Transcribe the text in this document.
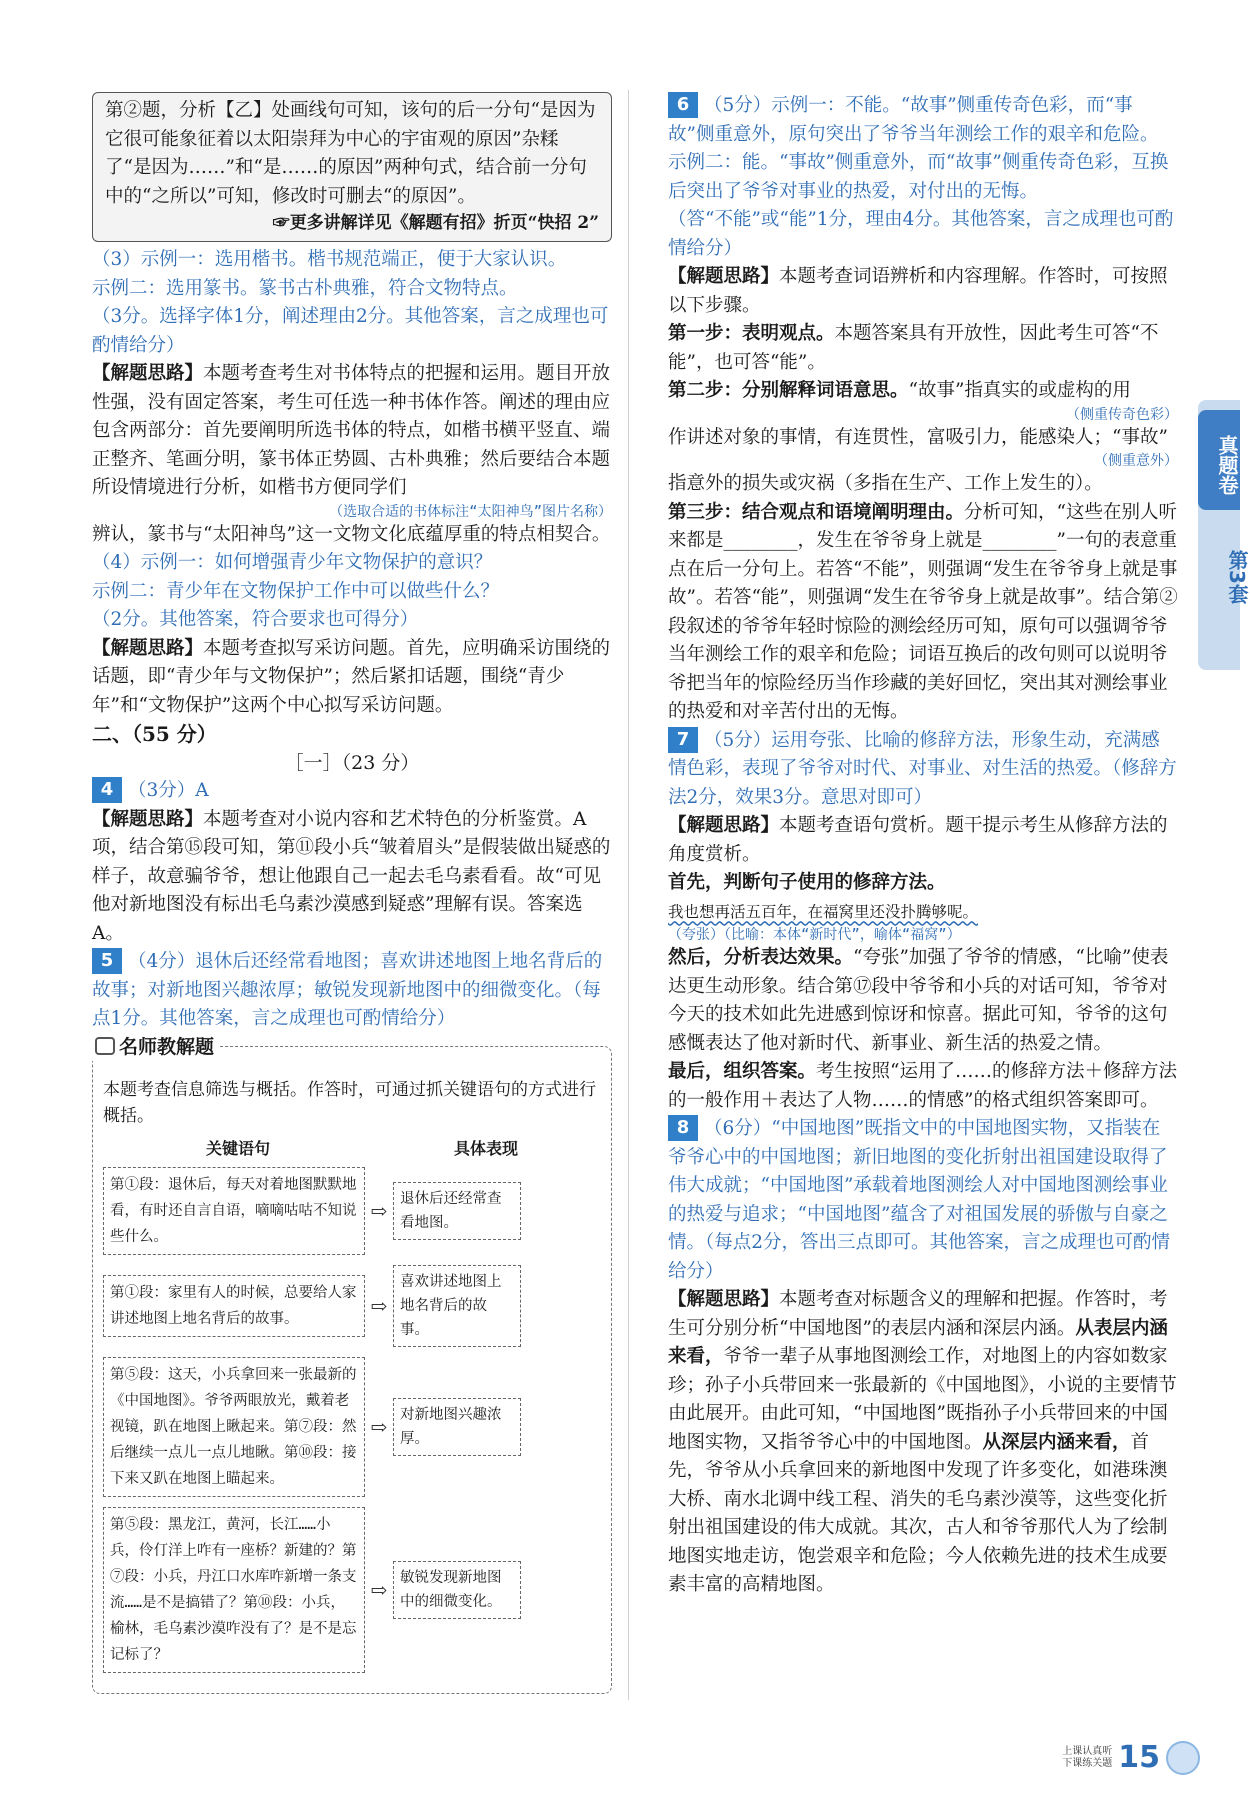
第②题，分析【乙】处画线句可知，该句的后一分句“是因为它很可能象征着以太阳崇拜为中心的宇宙观的原因”杂糅了“是因为……”和“是……的原因”两种句式，结合前一分句中的“之所以”可知，修改时可删去“的原因”。

☞更多讲解详见《解题有招》折页“快招 2”

（3）示例一：选用楷书。楷书规范端正，便于大家认识。

示例二：选用篆书。篆书古朴典雅，符合文物特点。

（3分。选择字体1分，阐述理由2分。其他答案，言之成理也可酌情给分）

【解题思路】本题考查考生对书体特点的把握和运用。题目开放性强，没有固定答案，考生可任选一种书体作答。阐述的理由应包含两部分：首先要阐明所选书体的特点，如楷书横平竖直、端正整齐、笔画分明，篆书体正势圆、古朴典雅；然后要结合本题所设情境进行分析，如楷书方便同学们

（选取合适的书体标注“太阳神鸟”图片名称）

辨认，篆书与“太阳神鸟”这一文物文化底蕴厚重的特点相契合。

（4）示例一：如何增强青少年文物保护的意识？

示例二：青少年在文物保护工作中可以做些什么？

（2分。其他答案，符合要求也可得分）

【解题思路】本题考查拟写采访问题。首先，应明确采访围绕的话题，即“青少年与文物保护”；然后紧扣话题，围绕“青少年”和“文物保护”这两个中心拟写采访问题。

二、（55 分）

［一］（23 分）

4 （3分）A

【解题思路】本题考查对小说内容和艺术特色的分析鉴赏。A项，结合第⑮段可知，第⑪段小兵“皱着眉头”是假装做出疑惑的样子，故意骗爷爷，想让他跟自己一起去毛乌素看看。故“可见他对新地图没有标出毛乌素沙漠感到疑惑”理解有误。答案选A。

5 （4分）退休后还经常看地图；喜欢讲述地图上地名背后的故事；对新地图兴趣浓厚；敏锐发现新地图中的细微变化。（每点1分。其他答案，言之成理也可酌情给分）

名师教解题

本题考查信息筛选与概括。作答时，可通过抓关键语句的方式进行概括。

关键语句	具体表现
第①段：退休后，每天对着地图默默地看，有时还自言自语，嘀嘀咕咕不知说些什么。
⇨ 退休后还经常查看地图。
第①段：家里有人的时候，总要给人家讲述地图上地名背后的故事。
⇨
喜欢讲述地图上地名背后的故事。
第⑤段：这天，小兵拿回来一张最新的《中国地图》。爷爷两眼放光，戴着老视镜，趴在地图上瞅起来。第⑦段：然后继续一点儿一点儿地瞅。第⑩段：接下来又趴在地图上瞄起来。
⇨ 对新地图兴趣浓厚。
第⑤段：黑龙江，黄河，长江……小兵，伶仃洋上咋有一座桥？新建的？第⑦段：小兵，丹江口水库咋新增一条支流……是不是搞错了？第⑩段：小兵，榆林，毛乌素沙漠咋没有了？是不是忘记标了？
⇨ 敏锐发现新地图中的细微变化。

6 （5分）示例一：不能。“故事”侧重传奇色彩，而“事故”侧重意外，原句突出了爷爷当年测绘工作的艰辛和危险。

示例二：能。“事故”侧重意外，而“故事”侧重传奇色彩，互换后突出了爷爷对事业的热爱，对付出的无悔。

（答“不能”或“能”1分，理由4分。其他答案，言之成理也可酌情给分）

【解题思路】本题考查词语辨析和内容理解。作答时，可按照以下步骤。

第一步：表明观点。本题答案具有开放性，因此考生可答“不能”，也可答“能”。

第二步：分别解释词语意思。“故事”指真实的或虚构的用

（侧重传奇色彩）

作讲述对象的事情，有连贯性，富吸引力，能感染人；“事故”

（侧重意外）

指意外的损失或灾祸（多指在生产、工作上发生的）。

第三步：结合观点和语境阐明理由。分析可知，“这些在别人听来都是________，发生在爷爷身上就是________”一句的表意重点在后一分句上。若答“不能”，则强调“发生在爷爷身上就是事故”。若答“能”，则强调“发生在爷爷身上就是故事”。结合第②段叙述的爷爷年轻时惊险的测绘经历可知，原句可以强调爷爷当年测绘工作的艰辛和危险；词语互换后的改句则可以说明爷爷把当年的惊险经历当作珍藏的美好回忆，突出其对测绘事业的热爱和对辛苦付出的无悔。

7 （5分）运用夸张、比喻的修辞方法，形象生动，充满感情色彩，表现了爷爷对时代、对事业、对生活的热爱。（修辞方法2分，效果3分。意思对即可）

【解题思路】本题考查语句赏析。题干提示考生从修辞方法的角度赏析。

首先，判断句子使用的修辞方法。

我也想再活五百年，在福窝里还没扑腾够呢。

（夸张）（比喻：本体“新时代”，喻体“福窝”）

然后，分析表达效果。“夸张”加强了爷爷的情感，“比喻”使表达更生动形象。结合第⑰段中爷爷和小兵的对话可知，爷爷对今天的技术如此先进感到惊讶和惊喜。据此可知，爷爷的这句感慨表达了他对新时代、新事业、新生活的热爱之情。

最后，组织答案。考生按照“运用了……的修辞方法＋修辞方法的一般作用＋表达了人物……的情感”的格式组织答案即可。

8 （6分）“中国地图”既指文中的中国地图实物，又指装在爷爷心中的中国地图；新旧地图的变化折射出祖国建设取得了伟大成就；“中国地图”承载着地图测绘人对中国地图测绘事业的热爱与追求；“中国地图”蕴含了对祖国发展的骄傲与自豪之情。（每点2分，答出三点即可。其他答案，言之成理也可酌情给分）

【解题思路】本题考查对标题含义的理解和把握。作答时，考生可分别分析“中国地图”的表层内涵和深层内涵。从表层内涵来看，爷爷一辈子从事地图测绘工作，对地图上的内容如数家珍；孙子小兵带回来一张最新的《中国地图》，小说的主要情节由此展开。由此可知，“中国地图”既指孙子小兵带回来的中国地图实物，又指爷爷心中的中国地图。从深层内涵来看，首先，爷爷从小兵拿回来的新地图中发现了许多变化，如港珠澳大桥、南水北调中线工程、消失的毛乌素沙漠等，这些变化折射出祖国建设的伟大成就。其次，古人和爷爷那代人为了绘制地图实地走访，饱尝艰辛和危险；今人依赖先进的技术生成要素丰富的高精地图。

真题卷
第3套
上课认真听
下课练关题 15
